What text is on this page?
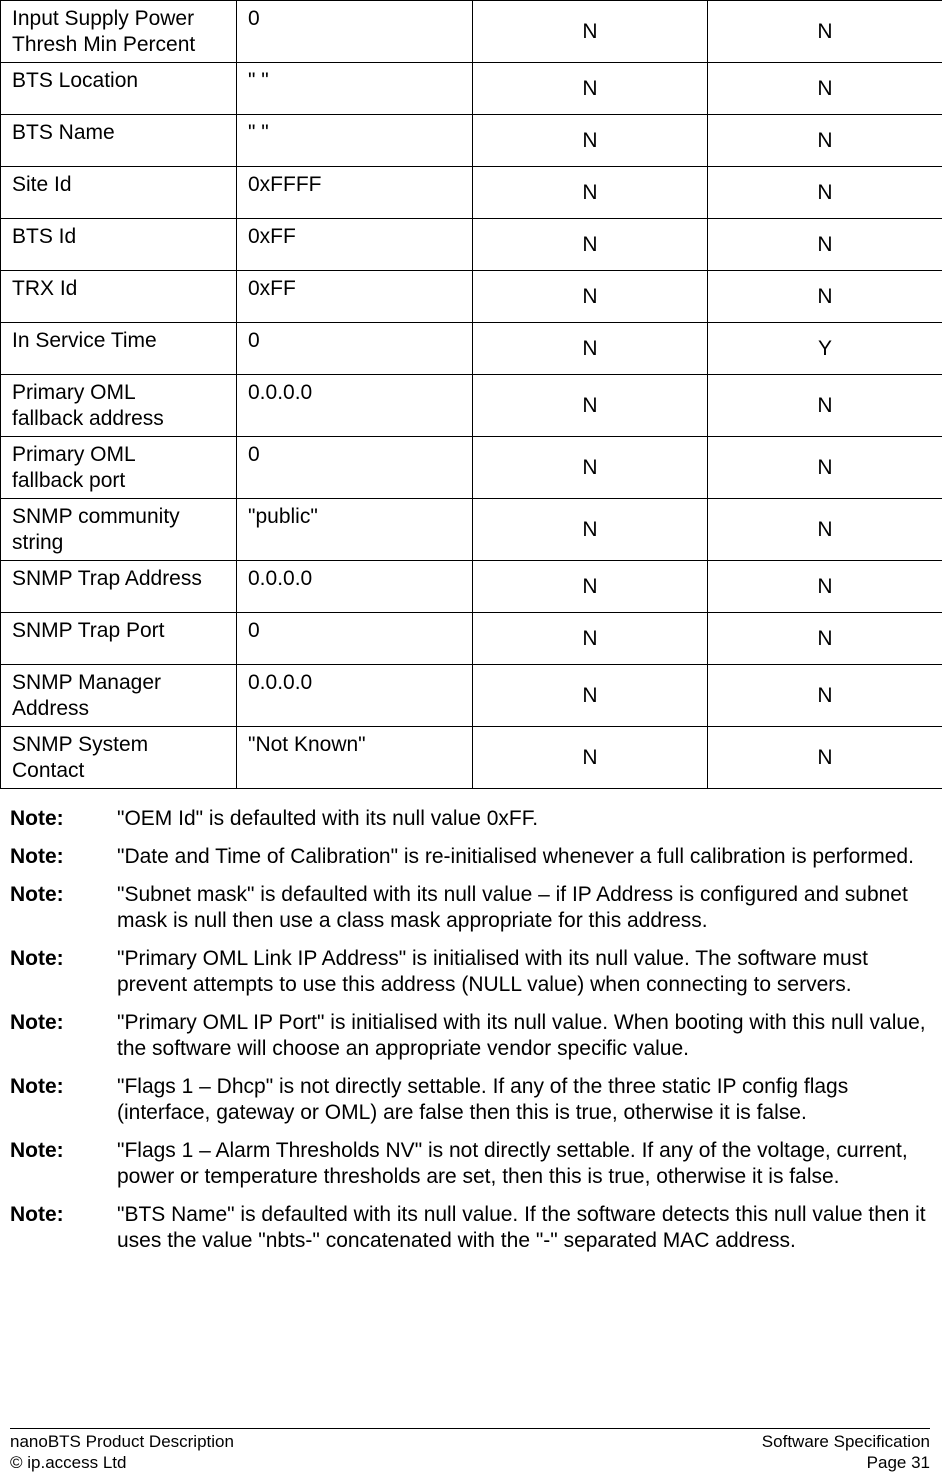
Input Supply Power
Thresh Min Percent	0	N	N
BTS Location	" "	N	N
BTS Name	" "	N	N
Site Id	0xFFFF	N	N
BTS Id	0xFF	N	N
TRX Id	0xFF	N	N
In Service Time	0	N	Y
Primary OML
fallback address	0.0.0.0	N	N
Primary OML
fallback port	0	N	N
SNMP community
string	"public"	N	N
SNMP Trap Address	0.0.0.0	N	N
SNMP Trap Port	0	N	N
SNMP Manager
Address	0.0.0.0	N	N
SNMP System
Contact	"Not Known"	N	N
Note:	"OEM Id" is defaulted with its null value 0xFF.
Note:	"Date and Time of Calibration" is re-initialised whenever a full calibration is performed.
Note:	"Subnet mask" is defaulted with its null value – if IP Address is configured and subnet mask is null then use a class mask appropriate for this address.
Note:	"Primary OML Link IP Address" is initialised with its null value. The software must prevent attempts to use this address (NULL value) when connecting to servers.
Note:	"Primary OML IP Port" is initialised with its null value. When booting with this null value, the software will choose an appropriate vendor specific value.
Note:	"Flags 1 – Dhcp" is not directly settable. If any of the three static IP config flags (interface, gateway or OML) are false then this is true, otherwise it is false.
Note:	"Flags 1 – Alarm Thresholds NV" is not directly settable. If any of the voltage, current, power or temperature thresholds are set, then this is true, otherwise it is false.
Note:	"BTS Name" is defaulted with its null value. If the software detects this null value then it uses the value "nbts-" concatenated with the "-" separated MAC address.
nanoBTS Product Description	Software Specification
© ip.access Ltd	Page 31
